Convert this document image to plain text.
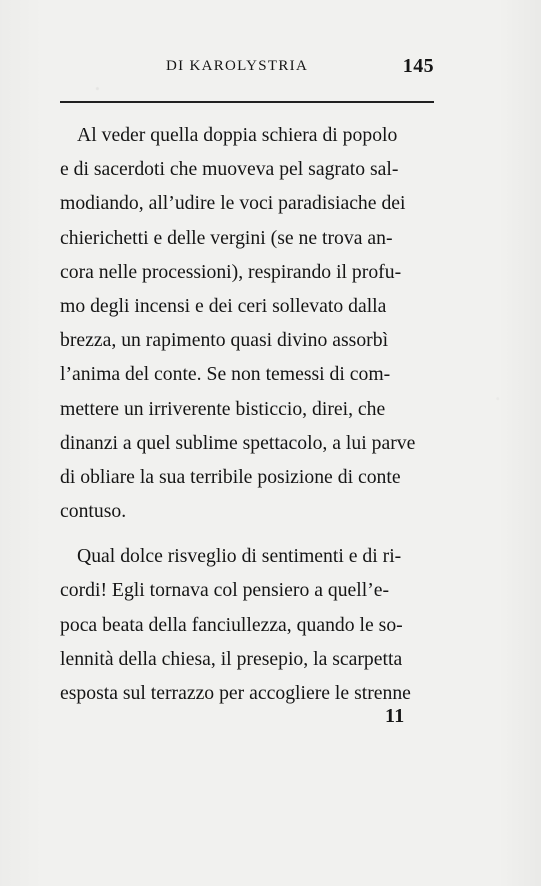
DI KAROLYSTRIA	145
Al veder quella doppia schiera di popolo
e di sacerdoti che muoveva pel sagrato sal-
modiando, all’udire le voci paradisiache dei
chierichetti e delle vergini (se ne trova an-
cora nelle processioni), respirando il profu-
mo degli incensi e dei ceri sollevato dalla
brezza, un rapimento quasi divino assorbì
l’anima del conte. Se non temessi di com-
mettere un irriverente bisticcio, direi, che
dinanzi a quel sublime spettacolo, a lui parve
di obliare la sua terribile posizione di conte
contuso.
Qual dolce risveglio di sentimenti e di ri-
cordi! Egli tornava col pensiero a quell’e-
poca beata della fanciullezza, quando le so-
lennità della chiesa, il presepio, la scarpetta
esposta sul terrazzo per accogliere le strenne
11
